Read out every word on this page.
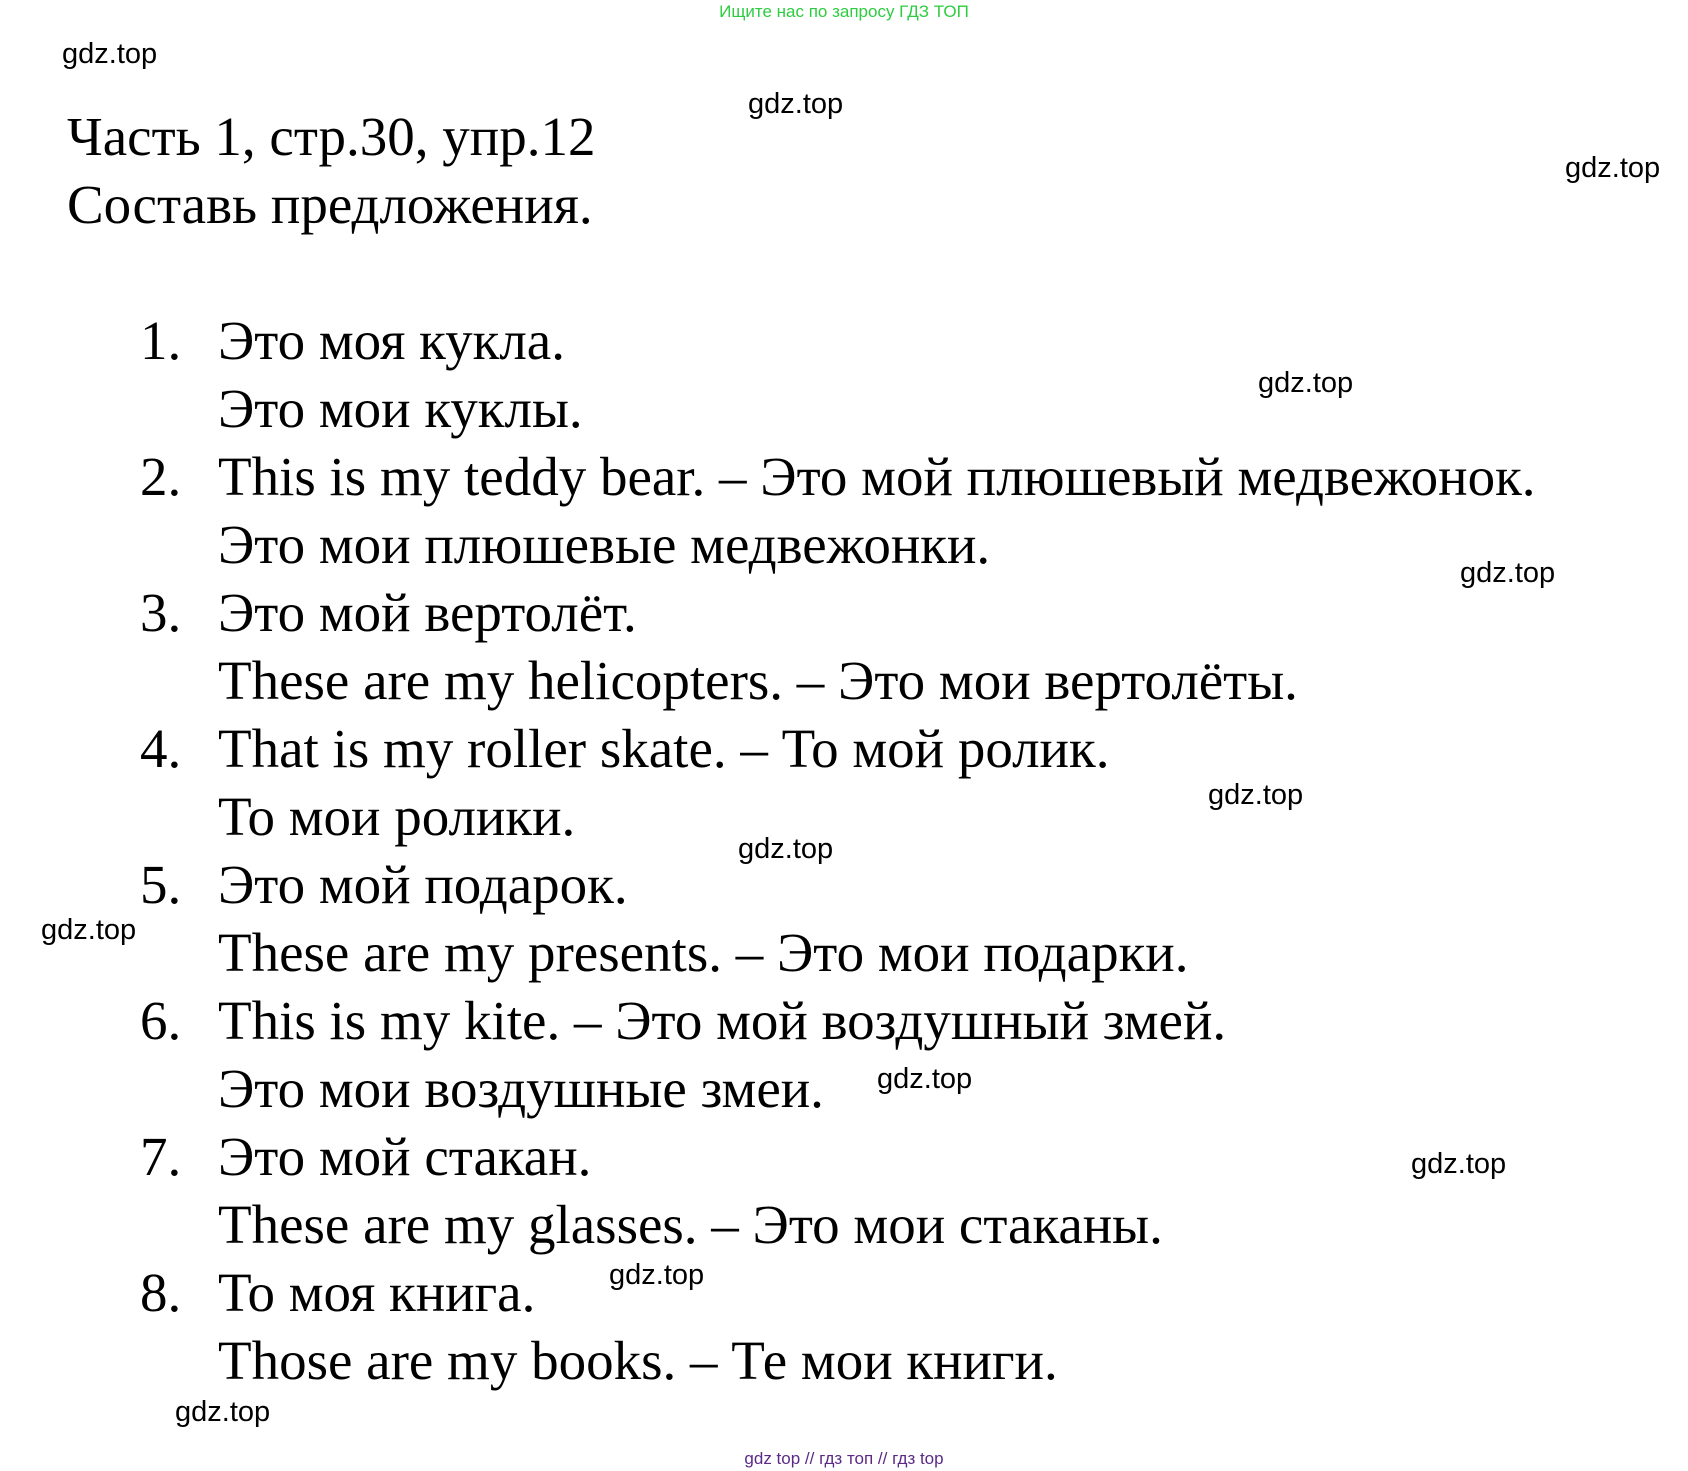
Ищите нас по запросу ГДЗ ТОП
Часть 1, стр.30, упр.12
Составь предложения.
1. Это моя кукла.
Это мои куклы.
2. This is my teddy bear. – Это мой плюшевый медвежонок.
Это мои плюшевые медвежонки.
3. Это мой вертолёт.
These are my helicopters. – Это мои вертолёты.
4. That is my roller skate. – То мой ролик.
То мои ролики.
5. Это мой подарок.
These are my presents. – Это мои подарки.
6. This is my kite. – Это мой воздушный змей.
Это мои воздушные змеи.
7. Это мой стакан.
These are my glasses. – Это мои стаканы.
8. То моя книга.
Those are my books. – Те мои книги.
gdz.top
gdz.top
gdz.top
gdz.top
gdz.top
gdz.top
gdz.top
gdz.top
gdz.top
gdz.top
gdz.top
gdz.top
gdz top // гдз топ // гдз top
